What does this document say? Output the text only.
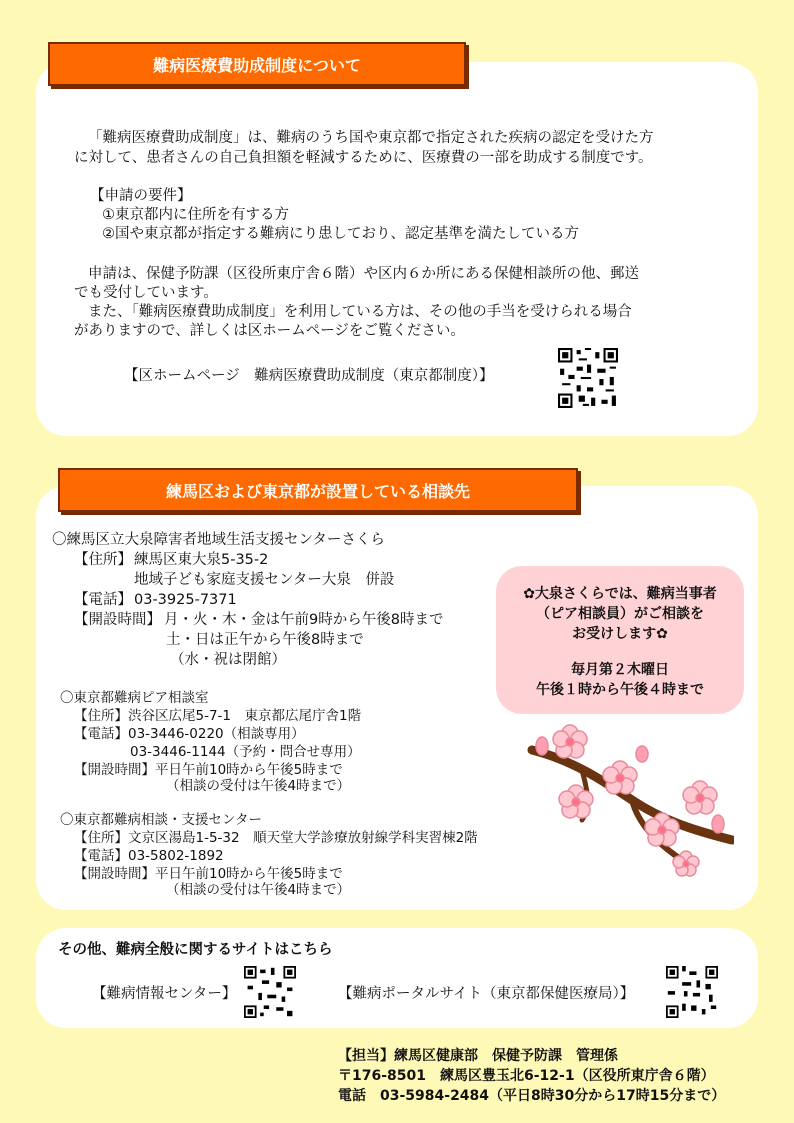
難病医療費助成制度について

「難病医療費助成制度」は、難病のうち国や東京都で指定された疾病の認定を受けた方

に対して、患者さんの自己負担額を軽減するために、医療費の一部を助成する制度です。

【申請の要件】

①東京都内に住所を有する方

②国や東京都が指定する難病にり患しており、認定基準を満たしている方

申請は、保健予防課（区役所東庁舎６階）や区内６か所にある保健相談所の他、郵送

でも受付しています。

また、「難病医療費助成制度」を利用している方は、その他の手当を受けられる場合

がありますので、詳しくは区ホームページをご覧ください。

【区ホームページ　難病医療費助成制度（東京都制度）】

練馬区および東京都が設置している相談先

〇練馬区立大泉障害者地域生活支援センターさくら

【住所】 練馬区東大泉5-35-2

地域子ども家庭支援センター大泉　併設

【電話】 03-3925-7371

【開設時間】 月・火・木・金は午前9時から午後8時まで

土・日は正午から午後8時まで

（水・祝は閉館）

〇東京都難病ピア相談室

【住所】渋谷区広尾5-7-1　東京都広尾庁舎1階

【電話】03-3446-0220（相談専用）

03-3446-1144（予約・問合せ専用）

【開設時間】平日午前10時から午後5時まで

（相談の受付は午後4時まで）

〇東京都難病相談・支援センター

【住所】文京区湯島1-5-32　順天堂大学診療放射線学科実習棟2階

【電話】03-5802-1892

【開設時間】平日午前10時から午後5時まで

（相談の受付は午後4時まで）

✿大泉さくらでは、難病当事者

（ピア相談員）がご相談を

お受けします✿

毎月第２木曜日

午後１時から午後４時まで

その他、難病全般に関するサイトはこちら

【難病情報センター】	【難病ポータルサイト（東京都保健医療局）】

【担当】練馬区健康部　保健予防課　管理係

〒176-8501　練馬区豊玉北6-12-1（区役所東庁舎６階）

電話　03-5984-2484（平日8時30分から17時15分まで）
